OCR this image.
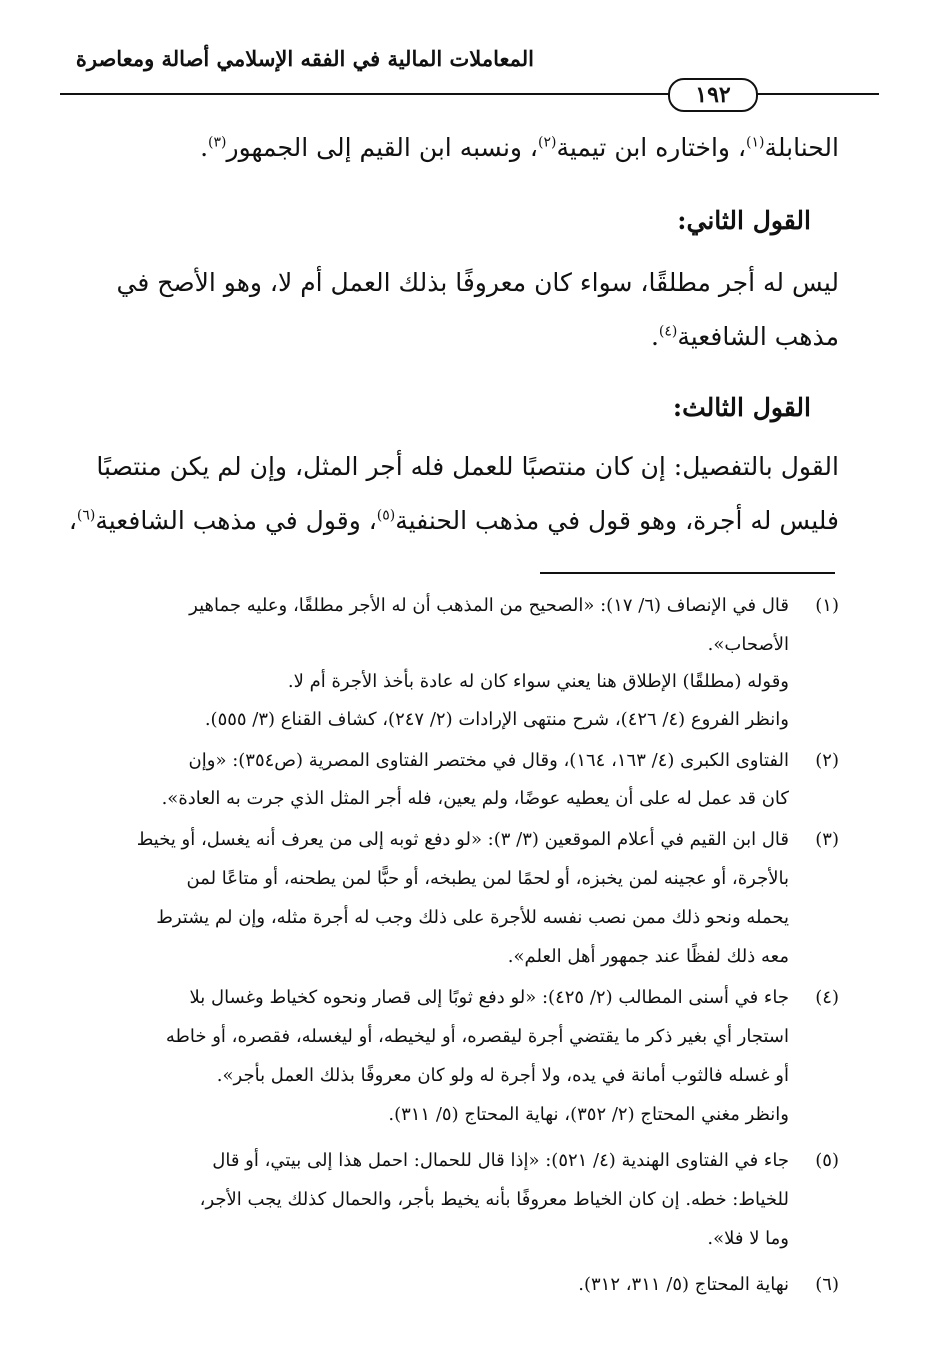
المعاملات المالية في الفقه الإسلامي أصالة ومعاصرة
١٩٢
الحنابلة$^{(١)}$، واختاره ابن تيمية$^{(٢)}$، ونسبه ابن القيم إلى الجمهور$^{(٣)}$.
القول الثاني:
ليس له أجر مطلقًا، سواء كان معروفًا بذلك العمل أم لا، وهو الأصح في
مذهب الشافعية$^{(٤)}$.
القول الثالث:
القول بالتفصيل: إن كان منتصبًا للعمل فله أجر المثل، وإن لم يكن منتصبًا
فليس له أجرة، وهو قول في مذهب الحنفية$^{(٥)}$، وقول في مذهب الشافعية$^{(٦)}$،
(١)
قال في الإنصاف (٦/ ١٧): «الصحيح من المذهب أن له الأجر مطلقًا، وعليه جماهير
الأصحاب».
وقوله (مطلقًا) الإطلاق هنا يعني سواء كان له عادة بأخذ الأجرة أم لا.
وانظر الفروع (٤/ ٤٢٦)، شرح منتهى الإرادات (٢/ ٢٤٧)، كشاف القناع (٣/ ٥٥٥).
(٢)
الفتاوى الكبرى (٤/ ١٦٣، ١٦٤)، وقال في مختصر الفتاوى المصرية (ص٣٥٤): «وإن
كان قد عمل له على أن يعطيه عوضًا، ولم يعين، فله أجر المثل الذي جرت به العادة».
(٣)
قال ابن القيم في أعلام الموقعين (٣/ ٣): «لو دفع ثوبه إلى من يعرف أنه يغسل، أو يخيط
بالأجرة، أو عجينه لمن يخبزه، أو لحمًا لمن يطبخه، أو حبًّا لمن يطحنه، أو متاعًا لمن
يحمله ونحو ذلك ممن نصب نفسه للأجرة على ذلك وجب له أجرة مثله، وإن لم يشترط
معه ذلك لفظًا عند جمهور أهل العلم».
(٤)
جاء في أسنى المطالب (٢/ ٤٢٥): «لو دفع ثوبًا إلى قصار ونحوه كخياط وغسال بلا
استجار أي بغير ذكر ما يقتضي أجرة ليقصره، أو ليخيطه، أو ليغسله، فقصره، أو خاطه
أو غسله فالثوب أمانة في يده، ولا أجرة له ولو كان معروفًا بذلك العمل بأجر».
وانظر مغني المحتاج (٢/ ٣٥٢)، نهاية المحتاج (٥/ ٣١١).
(٥)
جاء في الفتاوى الهندية (٤/ ٥٢١): «إذا قال للحمال: احمل هذا إلى بيتي، أو قال
للخياط: خطه. إن كان الخياط معروفًا بأنه يخيط بأجر، والحمال كذلك يجب الأجر،
وما لا فلا».
(٦)
نهاية المحتاج (٥/ ٣١١، ٣١٢).
